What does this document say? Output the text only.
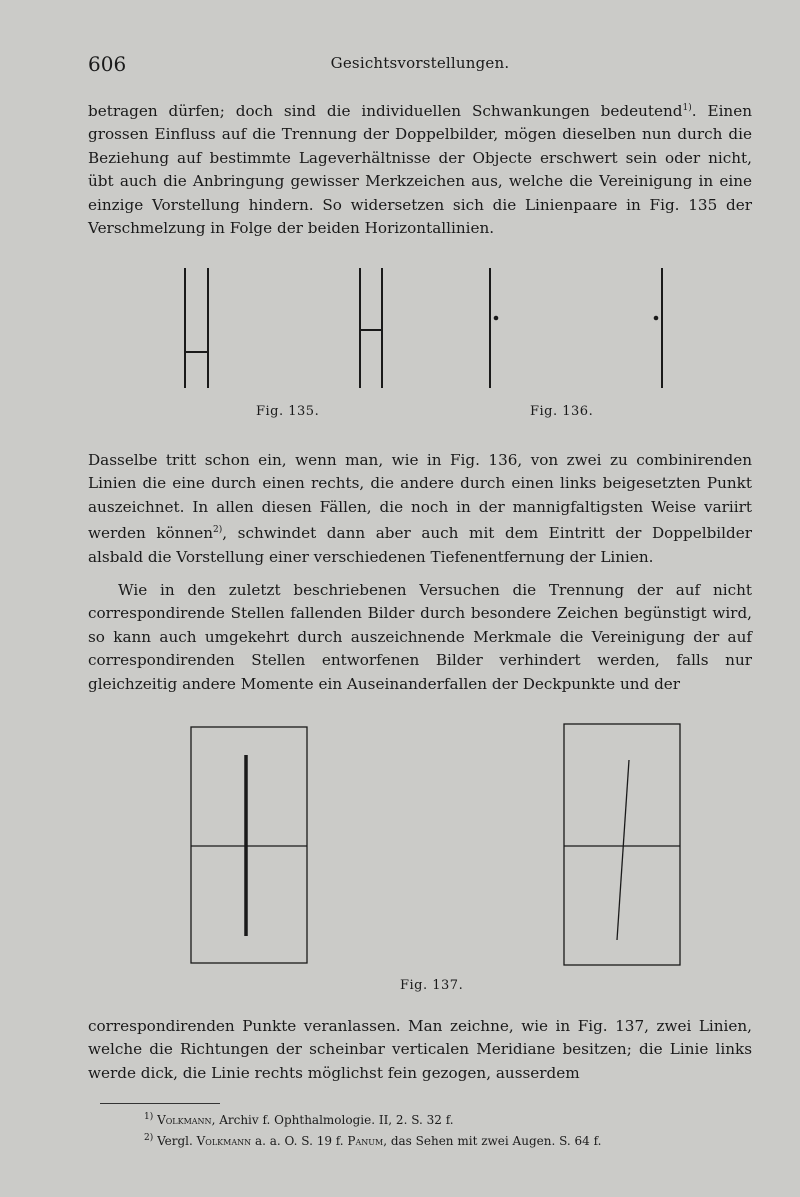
606	Gesichtsvorstellungen.

betragen dürfen; doch sind die individuellen Schwankungen bedeutend$^{1)}$. Einen grossen Einfluss auf die Trennung der Doppelbilder, mögen dieselben nun durch die Beziehung auf bestimmte Lageverhältnisse der Objecte erschwert sein oder nicht, übt auch die Anbringung gewisser Merkzeichen aus, welche die Vereinigung in eine einzige Vorstellung hindern. So widersetzen sich die Linienpaare in Fig. 135 der Verschmelzung in Folge der beiden Horizontallinien.

Fig. 135.	Fig. 136.

Dasselbe tritt schon ein, wenn man, wie in Fig. 136, von zwei zu combinirenden Linien die eine durch einen rechts, die andere durch einen links beigesetzten Punkt auszeichnet. In allen diesen Fällen, die noch in der mannigfaltigsten Weise variirt werden können$^{2)}$, schwindet dann aber auch mit dem Eintritt der Doppelbilder alsbald die Vorstellung einer verschiedenen Tiefenentfernung der Linien.

Wie in den zuletzt beschriebenen Versuchen die Trennung der auf nicht correspondirende Stellen fallenden Bilder durch besondere Zeichen begünstigt wird, so kann auch umgekehrt durch auszeichnende Merkmale die Vereinigung der auf correspondirenden Stellen entworfenen Bilder verhindert werden, falls nur gleichzeitig andere Momente ein Auseinanderfallen der Deckpunkte und der

Fig. 137.

correspondirenden Punkte veranlassen. Man zeichne, wie in Fig. 137, zwei Linien, welche die Richtungen der scheinbar verticalen Meridiane besitzen; die Linie links werde dick, die Linie rechts möglichst fein gezogen, ausserdem

$^{1)}$ Volkmann, Archiv f. Ophthalmologie. II, 2. S. 32 f.
$^{2)}$ Vergl. Volkmann a. a. O. S. 19 f. Panum, das Sehen mit zwei Augen. S. 64 f.
